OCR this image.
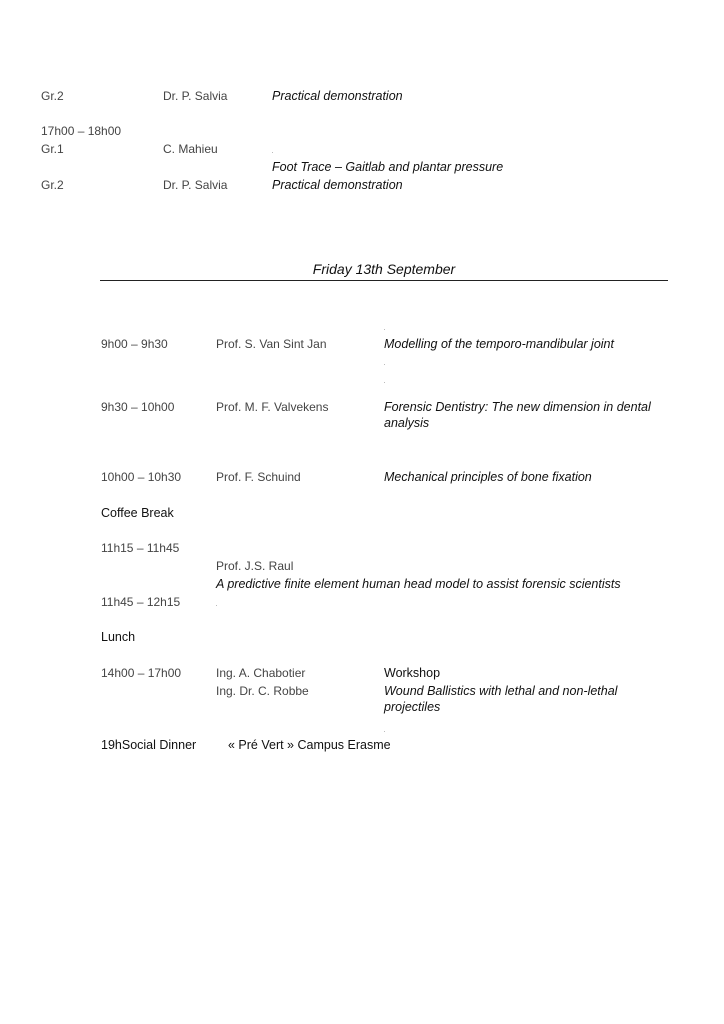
Gr.2	Dr. P. Salvia	Practical demonstration
17h00 – 18h00
Gr.1	C. Mahieu
Foot Trace – Gaitlab and plantar pressure
Gr.2	Dr. P. Salvia	Practical demonstration
Friday 13th September
9h00 – 9h30	Prof. S. Van Sint Jan	Modelling of the temporo-mandibular joint
9h30 – 10h00	Prof. M. F. Valvekens	Forensic Dentistry: The new dimension in dental analysis
10h00 – 10h30	Prof. F. Schuind	Mechanical principles of bone fixation
Coffee Break
11h15 – 11h45
Prof. J.S. Raul
A predictive finite element human head model to assist forensic scientists
11h45 – 12h15
Lunch
14h00 – 17h00	Ing. A. Chabotier	Workshop
Ing. Dr. C. Robbe	Wound Ballistics with lethal and non-lethal projectiles
19hSocial Dinner	« Pré Vert » Campus Erasme
